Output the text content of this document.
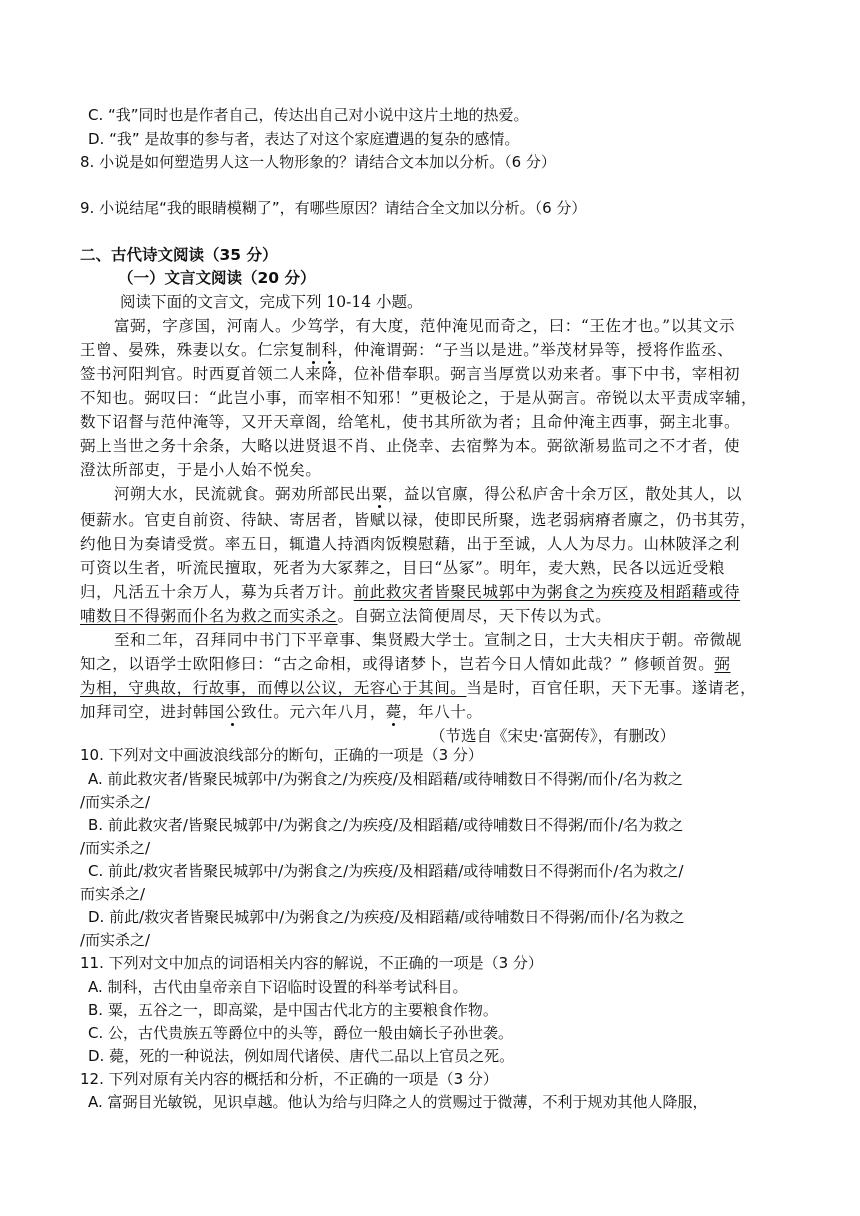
C. “我”同时也是作者自己，传达出自己对小说中这片土地的热爱。
D. “我” 是故事的参与者，表达了对这个家庭遭遇的复杂的感情。
8. 小说是如何塑造男人这一人物形象的？请结合文本加以分析。（6 分）
9. 小说结尾“我的眼睛模糊了”，有哪些原因？请结合全文加以分析。（6 分）
二、古代诗文阅读（35 分）
（一）文言文阅读（20 分）
阅读下面的文言文，完成下列 10-14 小题。
富弼，字彦国，河南人。少笃学，有大度，范仲淹见而奇之，曰：“王佐才也。”以其文示
王曾、晏殊，殊妻以女。仁宗复制科，仲淹谓弼：“子当以是进。”举茂材异等，授将作监丞、
签书河阳判官。时西夏首领二人来降，位补借奉职。弼言当厚赏以劝来者。事下中书，宰相初
不知也。弼叹曰：“此岂小事，而宰相不知邪！”更极论之，于是从弼言。帝锐以太平责成宰辅，
数下诏督与范仲淹等，又开天章阁，给笔札，使书其所欲为者；且命仲淹主西事，弼主北事。
弼上当世之务十余条，大略以进贤退不肖、止侥幸、去宿弊为本。弼欲渐易监司之不才者，使
澄汰所部吏，于是小人始不悦矣。
河朔大水，民流就食。弼劝所部民出粟，益以官廪，得公私庐舍十余万区，散处其人，以
便薪水。官吏自前资、待缺、寄居者，皆赋以禄，使即民所聚，选老弱病瘠者廪之，仍书其劳，
约他日为奏请受赏。率五日，辄遣人持酒肉饭糗慰藉，出于至诚，人人为尽力。山林陂泽之利
可资以生者，听流民擅取，死者为大冢葬之，目曰“丛冢”。明年，麦大熟，民各以远近受粮
归，凡活五十余万人，募为兵者万计。前此救灾者皆聚民城郭中为粥食之为疾疫及相蹈藉或待
哺数日不得粥而仆名为救之而实杀之。自弼立法简便周尽，天下传以为式。
至和二年，召拜同中书门下平章事、集贤殿大学士。宣制之日，士大夫相庆于朝。帝微觇
知之，以语学士欧阳修曰：“古之命相，或得诸梦卜，岂若今日人情如此哉？” 修顿首贺。弼
为相，守典故，行故事，而傅以公议，无容心于其间。当是时，百官任职，天下无事。遂请老，
加拜司空，进封韩国公致仕。元六年八月，薨，年八十。
（节选自《宋史·富弼传》，有删改）
10. 下列对文中画波浪线部分的断句，正确的一项是（3 分）
A. 前此救灾者/皆聚民城郭中/为粥食之/为疾疫/及相蹈藉/或待哺数日不得粥/而仆/名为救之
/而实杀之/
B. 前此救灾者/皆聚民城郭中/为粥食之/为疾疫/及相蹈藉/或待哺数日不得粥/而仆/名为救之
/而实杀之/
C. 前此/救灾者皆聚民城郭中/为粥食之/为疾疫/及相蹈藉/或待哺数日不得粥而仆/名为救之/
而实杀之/
D. 前此/救灾者皆聚民城郭中/为粥食之/为疾疫/及相蹈藉/或待哺数日不得粥/而仆/名为救之
/而实杀之/
11. 下列对文中加点的词语相关内容的解说，不正确的一项是（3 分）
A. 制科，古代由皇帝亲自下诏临时设置的科举考试科目。
B. 粟，五谷之一，即高粱，是中国古代北方的主要粮食作物。
C. 公，古代贵族五等爵位中的头等，爵位一般由嫡长子孙世袭。
D. 薨，死的一种说法，例如周代诸侯、唐代二品以上官员之死。
12. 下列对原有关内容的概括和分析，不正确的一项是（3 分）
A. 富弼目光敏锐，见识卓越。他认为给与归降之人的赏赐过于微薄，不利于规劝其他人降服，
